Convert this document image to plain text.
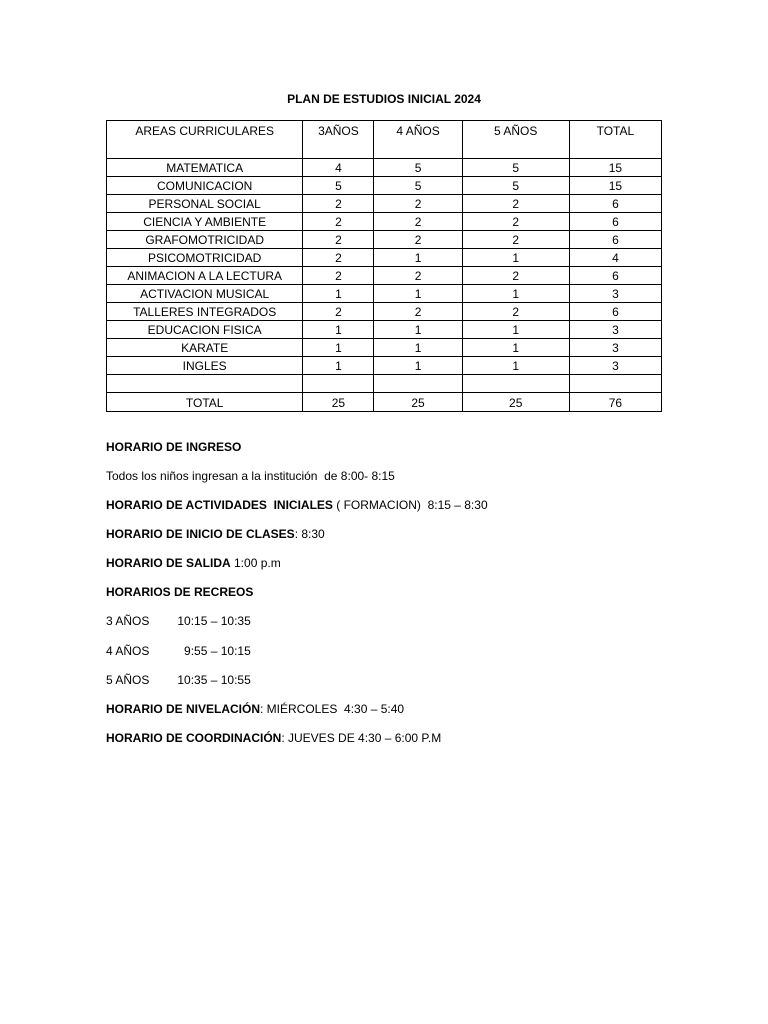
PLAN DE ESTUDIOS INICIAL 2024
AREAS CURRICULARES	3AÑOS	4 AÑOS	5 AÑOS	TOTAL
MATEMATICA	4	5	5	15
COMUNICACION	5	5	5	15
PERSONAL SOCIAL	2	2	2	6
CIENCIA Y AMBIENTE	2	2	2	6
GRAFOMOTRICIDAD	2	2	2	6
PSICOMOTRICIDAD	2	1	1	4
ANIMACION A LA LECTURA	2	2	2	6
ACTIVACION MUSICAL	1	1	1	3
TALLERES INTEGRADOS	2	2	2	6
EDUCACION FISICA	1	1	1	3
KARATE	1	1	1	3
INGLES	1	1	1	3

TOTAL	25	25	25	76
HORARIO DE INGRESO
Todos los niños ingresan a la institución  de 8:00- 8:15
HORARIO DE ACTIVIDADES  INICIALES ( FORMACION)  8:15 – 8:30
HORARIO DE INICIO DE CLASES: 8:30
HORARIO DE SALIDA 1:00 p.m
HORARIOS DE RECREOS
3 AÑOS 10:15 – 10:35
4 AÑOS  9:55 – 10:15
5 AÑOS 10:35 – 10:55
HORARIO DE NIVELACIÓN: MIÉRCOLES  4:30 – 5:40
HORARIO DE COORDINACIÓN: JUEVES DE 4:30 – 6:00 P.M
